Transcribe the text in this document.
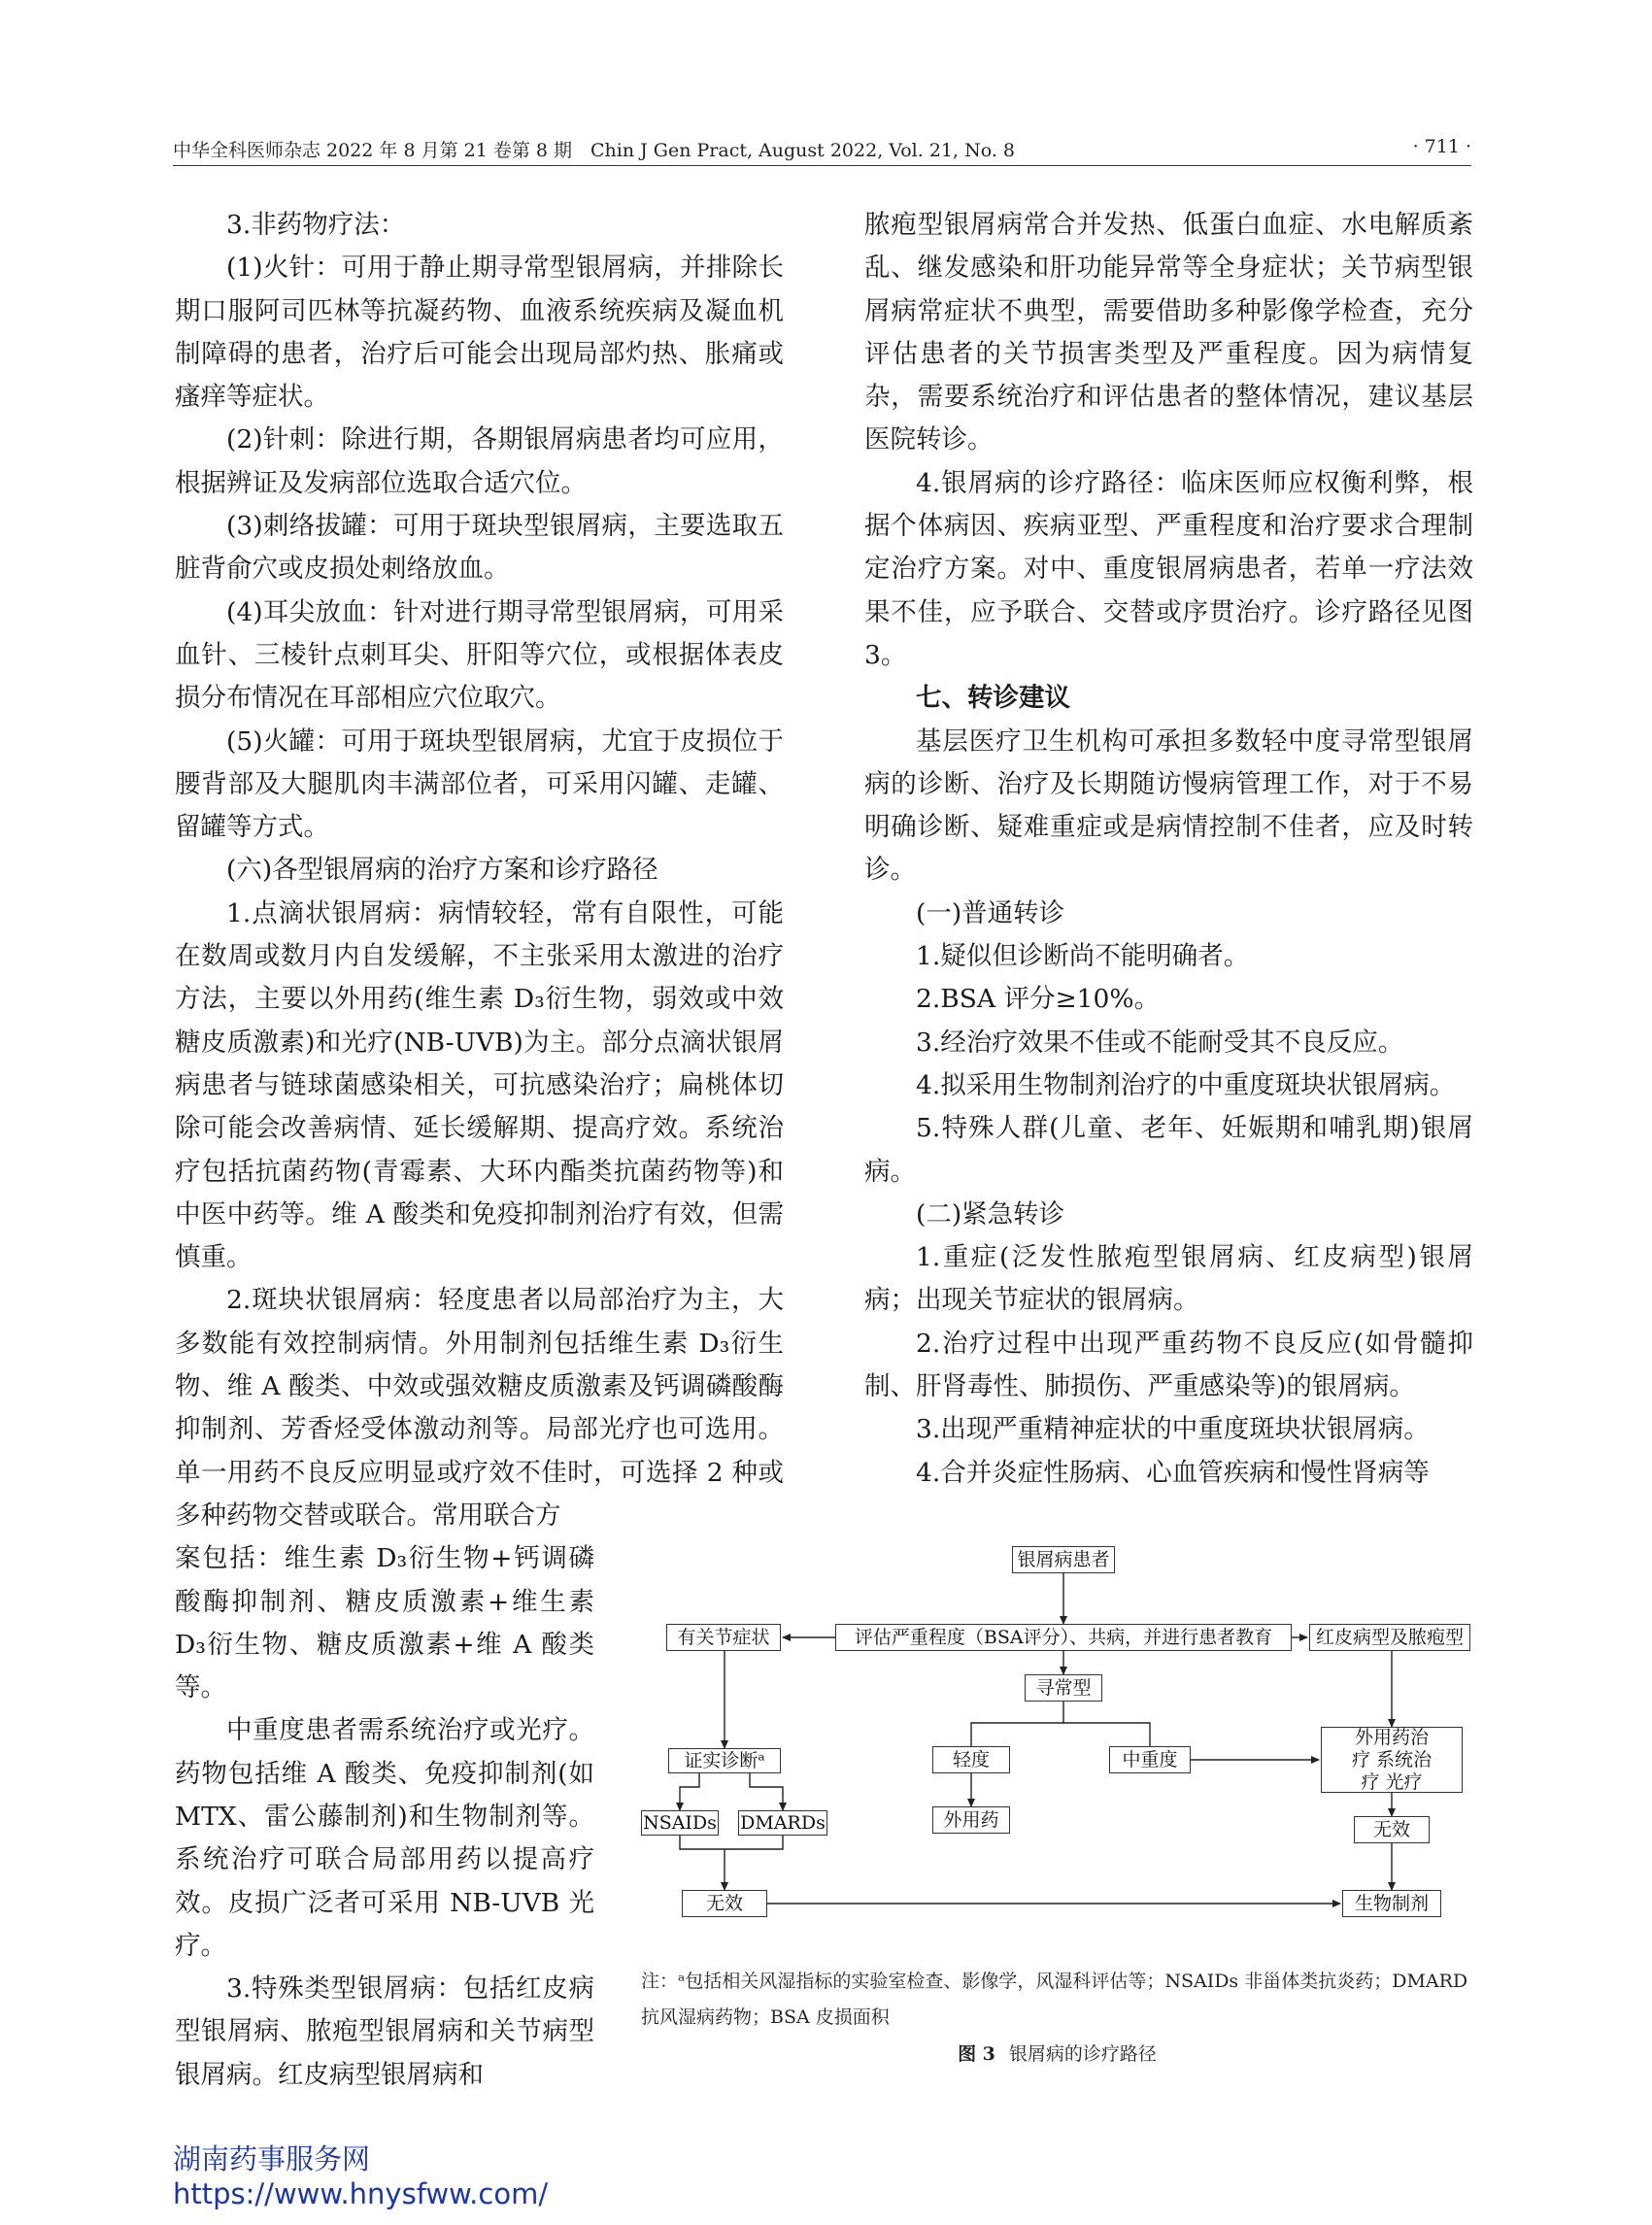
中华全科医师杂志 2022 年 8 月第 21 卷第 8 期　Chin J Gen Pract, August 2022, Vol. 21, No. 8	· 711 ·

3.非药物疗法：

(1)火针：可用于静止期寻常型银屑病，并排除长期口服阿司匹林等抗凝药物、血液系统疾病及凝血机制障碍的患者，治疗后可能会出现局部灼热、胀痛或瘙痒等症状。

(2)针刺：除进行期，各期银屑病患者均可应用，根据辨证及发病部位选取合适穴位。

(3)刺络拔罐：可用于斑块型银屑病，主要选取五脏背俞穴或皮损处刺络放血。

(4)耳尖放血：针对进行期寻常型银屑病，可用采血针、三棱针点刺耳尖、肝阳等穴位，或根据体表皮损分布情况在耳部相应穴位取穴。

(5)火罐：可用于斑块型银屑病，尤宜于皮损位于腰背部及大腿肌肉丰满部位者，可采用闪罐、走罐、留罐等方式。

(六)各型银屑病的治疗方案和诊疗路径

1.点滴状银屑病：病情较轻，常有自限性，可能在数周或数月内自发缓解，不主张采用太激进的治疗方法，主要以外用药(维生素 D₃衍生物，弱效或中效糖皮质激素)和光疗(NB-UVB)为主。部分点滴状银屑病患者与链球菌感染相关，可抗感染治疗；扁桃体切除可能会改善病情、延长缓解期、提高疗效。系统治疗包括抗菌药物(青霉素、大环内酯类抗菌药物等)和中医中药等。维 A 酸类和免疫抑制剂治疗有效，但需慎重。

2.斑块状银屑病：轻度患者以局部治疗为主，大多数能有效控制病情。外用制剂包括维生素 D₃衍生物、维 A 酸类、中效或强效糖皮质激素及钙调磷酸酶抑制剂、芳香烃受体激动剂等。局部光疗也可选用。单一用药不良反应明显或疗效不佳时，可选择 2 种或多种药物交替或联合。常用联合方

案包括：维生素 D₃衍生物+钙调磷酸酶抑制剂、糖皮质激素+维生素 D₃衍生物、糖皮质激素+维 A 酸类等。

中重度患者需系统治疗或光疗。药物包括维 A 酸类、免疫抑制剂(如 MTX、雷公藤制剂)和生物制剂等。系统治疗可联合局部用药以提高疗效。皮损广泛者可采用 NB-UVB 光疗。

3.特殊类型银屑病：包括红皮病型银屑病、脓疱型银屑病和关节病型银屑病。红皮病型银屑病和

脓疱型银屑病常合并发热、低蛋白血症、水电解质紊乱、继发感染和肝功能异常等全身症状；关节病型银屑病常症状不典型，需要借助多种影像学检查，充分评估患者的关节损害类型及严重程度。因为病情复杂，需要系统治疗和评估患者的整体情况，建议基层医院转诊。

4.银屑病的诊疗路径：临床医师应权衡利弊，根据个体病因、疾病亚型、严重程度和治疗要求合理制定治疗方案。对中、重度银屑病患者，若单一疗法效果不佳，应予联合、交替或序贯治疗。诊疗路径见图 3。

七、转诊建议

基层医疗卫生机构可承担多数轻中度寻常型银屑病的诊断、治疗及长期随访慢病管理工作，对于不易明确诊断、疑难重症或是病情控制不佳者，应及时转诊。

(一)普通转诊

1.疑似但诊断尚不能明确者。

2.BSA 评分≥10%。

3.经治疗效果不佳或不能耐受其不良反应。

4.拟采用生物制剂治疗的中重度斑块状银屑病。

5.特殊人群(儿童、老年、妊娠期和哺乳期)银屑病。

(二)紧急转诊

1.重症(泛发性脓疱型银屑病、红皮病型)银屑病；出现关节症状的银屑病。

2.治疗过程中出现严重药物不良反应(如骨髓抑制、肝肾毒性、肺损伤、严重感染等)的银屑病。

3.出现严重精神症状的中重度斑块状银屑病。

4.合并炎症性肠病、心血管疾病和慢性肾病等

银屑病患者
评估严重程度（BSA评分）、共病，并进行患者教育
有关节症状	红皮病型及脓疱型
寻常型
轻度	中重度
外用药治疗 系统治疗 光疗
证实诊断ᵃ
NSAIDs DMARDs	外用药	无效
无效	生物制剂
注：ᵃ包括相关风湿指标的实验室检查、影像学，风湿科评估等；NSAIDs 非甾体类抗炎药；DMARD 抗风湿病药物；BSA 皮损面积
图 3 银屑病的诊疗路径
湖南药事服务网
https://www.hnysfww.com/
